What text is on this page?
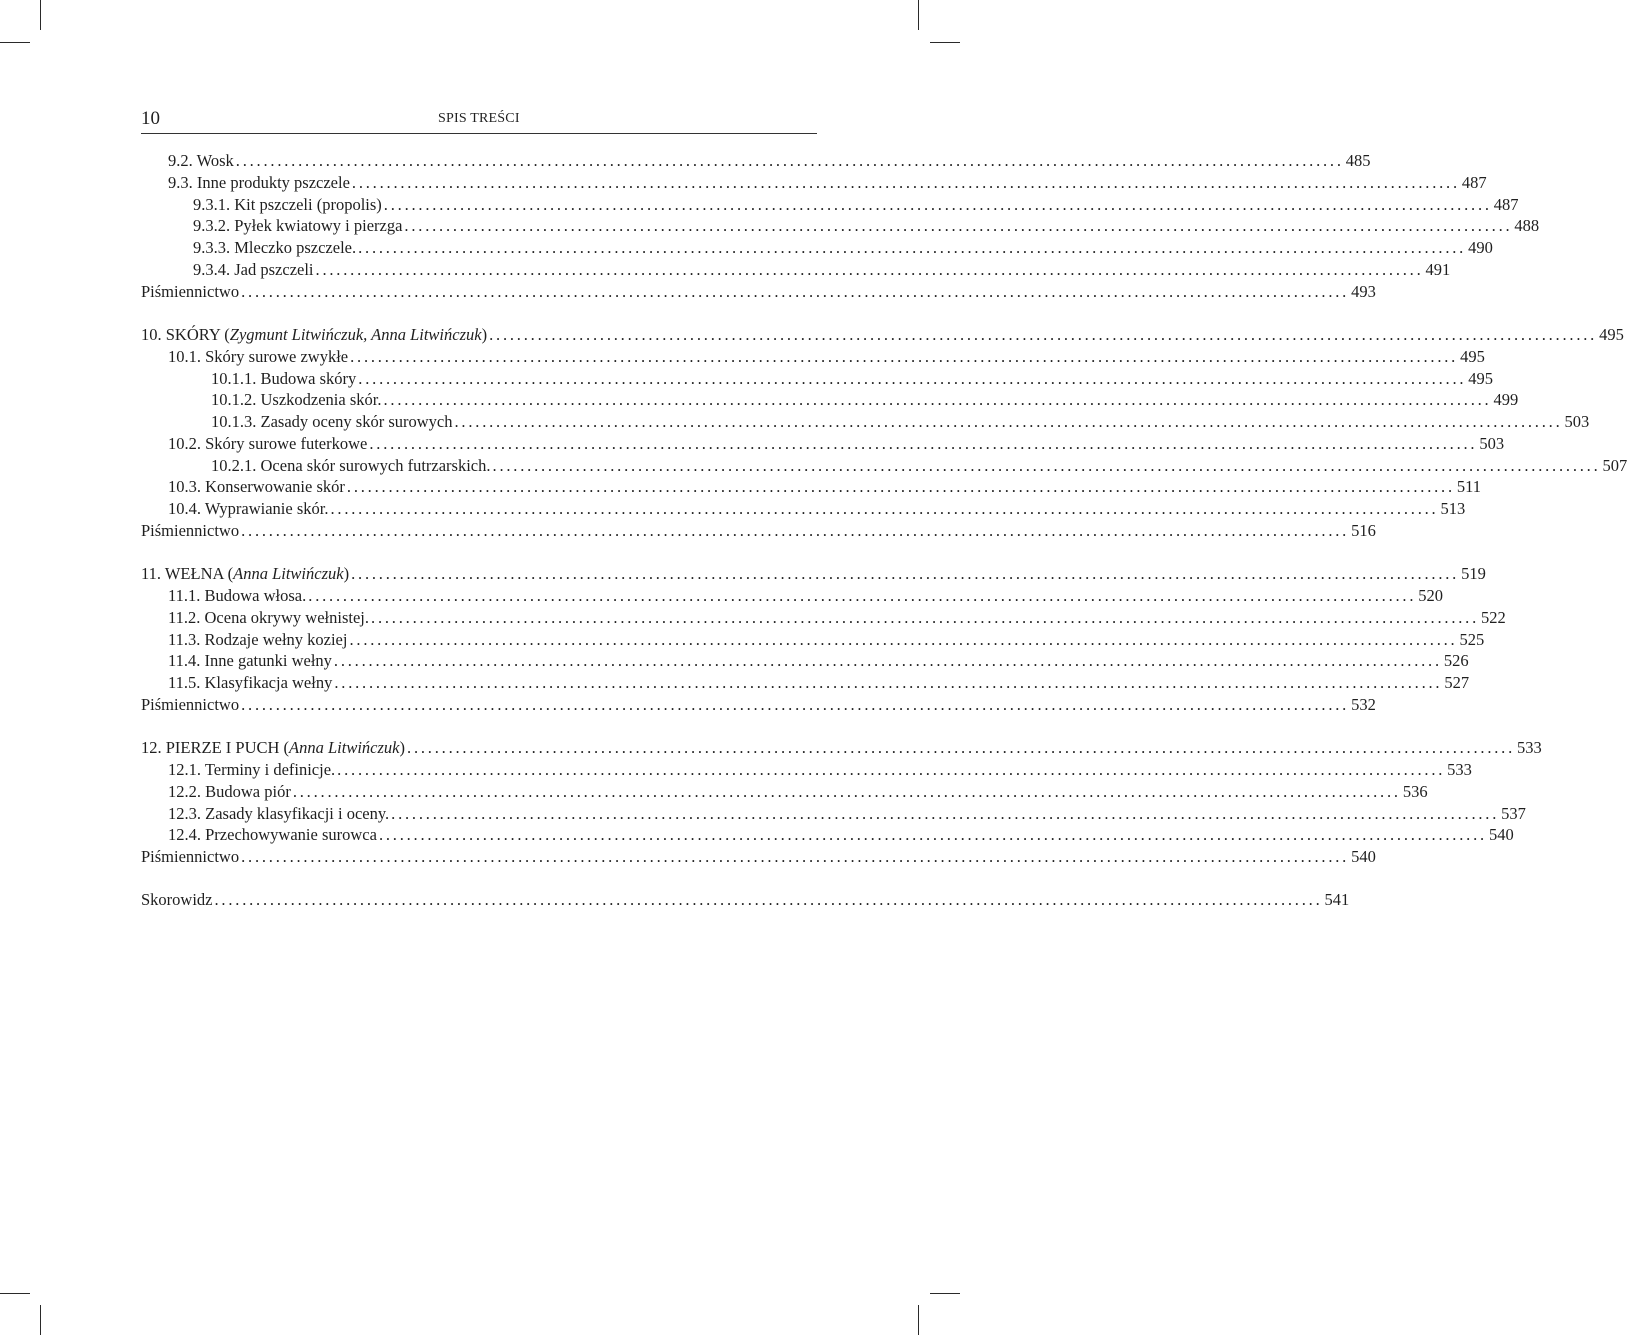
10	SPIS TREŚCI
9.2. Wosk ................................................................................................................................................................ 485
9.3. Inne produkty pszczele ................................................................................................................................................................ 487
9.3.1. Kit pszczeli (propolis) ................................................................................................................................................................ 487
9.3.2. Pyłek kwiatowy i pierzga ................................................................................................................................................................ 488
9.3.3. Mleczko pszczele. ................................................................................................................................................................ 490
9.3.4. Jad pszczeli ................................................................................................................................................................ 491
Piśmiennictwo ................................................................................................................................................................ 493
10. SKÓRY (Zygmunt Litwińczuk, Anna Litwińczuk) ................................................................................................................................................................ 495
10.1. Skóry surowe zwykłe ................................................................................................................................................................ 495
10.1.1. Budowa skóry ................................................................................................................................................................ 495
10.1.2. Uszkodzenia skór. ................................................................................................................................................................ 499
10.1.3. Zasady oceny skór surowych ................................................................................................................................................................ 503
10.2. Skóry surowe futerkowe ................................................................................................................................................................ 503
10.2.1. Ocena skór surowych futrzarskich. ................................................................................................................................................................ 507
10.3. Konserwowanie skór ................................................................................................................................................................ 511
10.4. Wyprawianie skór. ................................................................................................................................................................ 513
Piśmiennictwo ................................................................................................................................................................ 516
11. WEŁNA (Anna Litwińczuk) ................................................................................................................................................................ 519
11.1. Budowa włosa. ................................................................................................................................................................ 520
11.2. Ocena okrywy wełnistej. ................................................................................................................................................................ 522
11.3. Rodzaje wełny koziej ................................................................................................................................................................ 525
11.4. Inne gatunki wełny ................................................................................................................................................................ 526
11.5. Klasyfikacja wełny ................................................................................................................................................................ 527
Piśmiennictwo ................................................................................................................................................................ 532
12. PIERZE I PUCH (Anna Litwińczuk) ................................................................................................................................................................ 533
12.1. Terminy i definicje. ................................................................................................................................................................ 533
12.2. Budowa piór ................................................................................................................................................................ 536
12.3. Zasady klasyfikacji i oceny. ................................................................................................................................................................ 537
12.4. Przechowywanie surowca ................................................................................................................................................................ 540
Piśmiennictwo ................................................................................................................................................................ 540
Skorowidz ................................................................................................................................................................ 541
